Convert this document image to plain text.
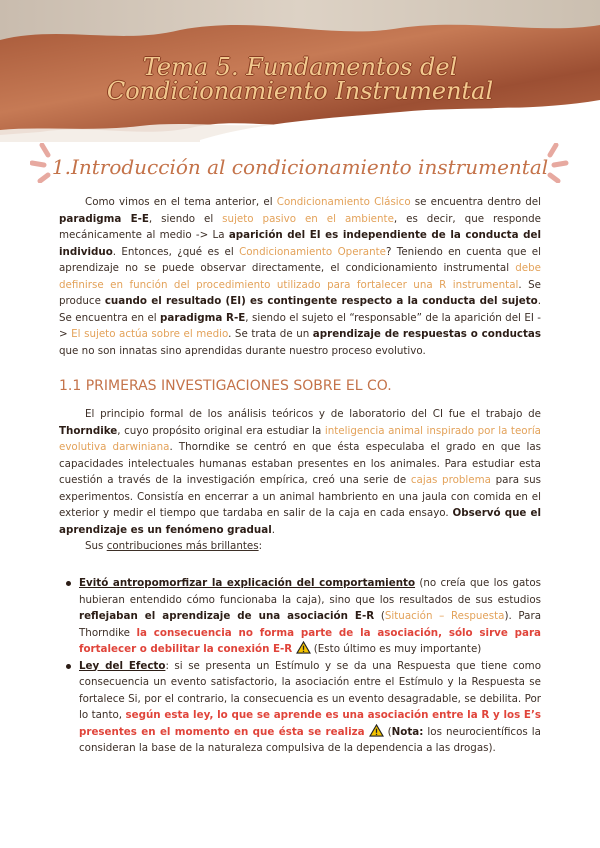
Tema 5. Fundamentos del
Condicionamiento Instrumental
1.Introducción al condicionamiento instrumental
Como vimos en el tema anterior, el Condicionamiento Clásico se encuentra dentro del paradigma E-E, siendo el sujeto pasivo en el ambiente, es decir, que responde mecánicamente al medio -> La aparición del EI es independiente de la conducta del individuo. Entonces, ¿qué es el Condicionamiento Operante? Teniendo en cuenta que el aprendizaje no se puede observar directamente, el condicionamiento instrumental debe definirse en función del procedimiento utilizado para fortalecer una R instrumental. Se produce cuando el resultado (EI) es contingente respecto a la conducta del sujeto. Se encuentra en el paradigma R-E, siendo el sujeto el “responsable” de la aparición del EI -> El sujeto actúa sobre el medio. Se trata de un aprendizaje de respuestas o conductas que no son innatas sino aprendidas durante nuestro proceso evolutivo.
1.1 PRIMERAS INVESTIGACIONES SOBRE EL CO.
El principio formal de los análisis teóricos y de laboratorio del CI fue el trabajo de Thorndike, cuyo propósito original era estudiar la inteligencia animal inspirado por la teoría evolutiva darwiniana. Thorndike se centró en que ésta especulaba el grado en que las capacidades intelectuales humanas estaban presentes en los animales. Para estudiar esta cuestión a través de la investigación empírica, creó una serie de cajas problema para sus experimentos. Consistía en encerrar a un animal hambriento en una jaula con comida en el exterior y medir el tiempo que tardaba en salir de la caja en cada ensayo. Observó que el aprendizaje es un fenómeno gradual.
Sus contribuciones más brillantes:
Evitó antropomorfizar la explicación del comportamiento (no creía que los gatos hubieran entendido cómo funcionaba la caja), sino que los resultados de sus estudios reflejaban el aprendizaje de una asociación E-R (Situación – Respuesta). Para Thorndike la consecuencia no forma parte de la asociación, sólo sirve para fortalecer o debilitar la conexión E-R  (Esto último es muy importante)
Ley del Efecto: si se presenta un Estímulo y se da una Respuesta que tiene como consecuencia un evento satisfactorio, la asociación entre el Estímulo y la Respuesta se fortalece Si, por el contrario, la consecuencia es un evento desagradable, se debilita. Por lo tanto, según esta ley, lo que se aprende es una asociación entre la R y los E’s presentes en el momento en que ésta se realiza  (Nota: los neurocientíficos la consideran la base de la naturaleza compulsiva de la dependencia a las drogas).
